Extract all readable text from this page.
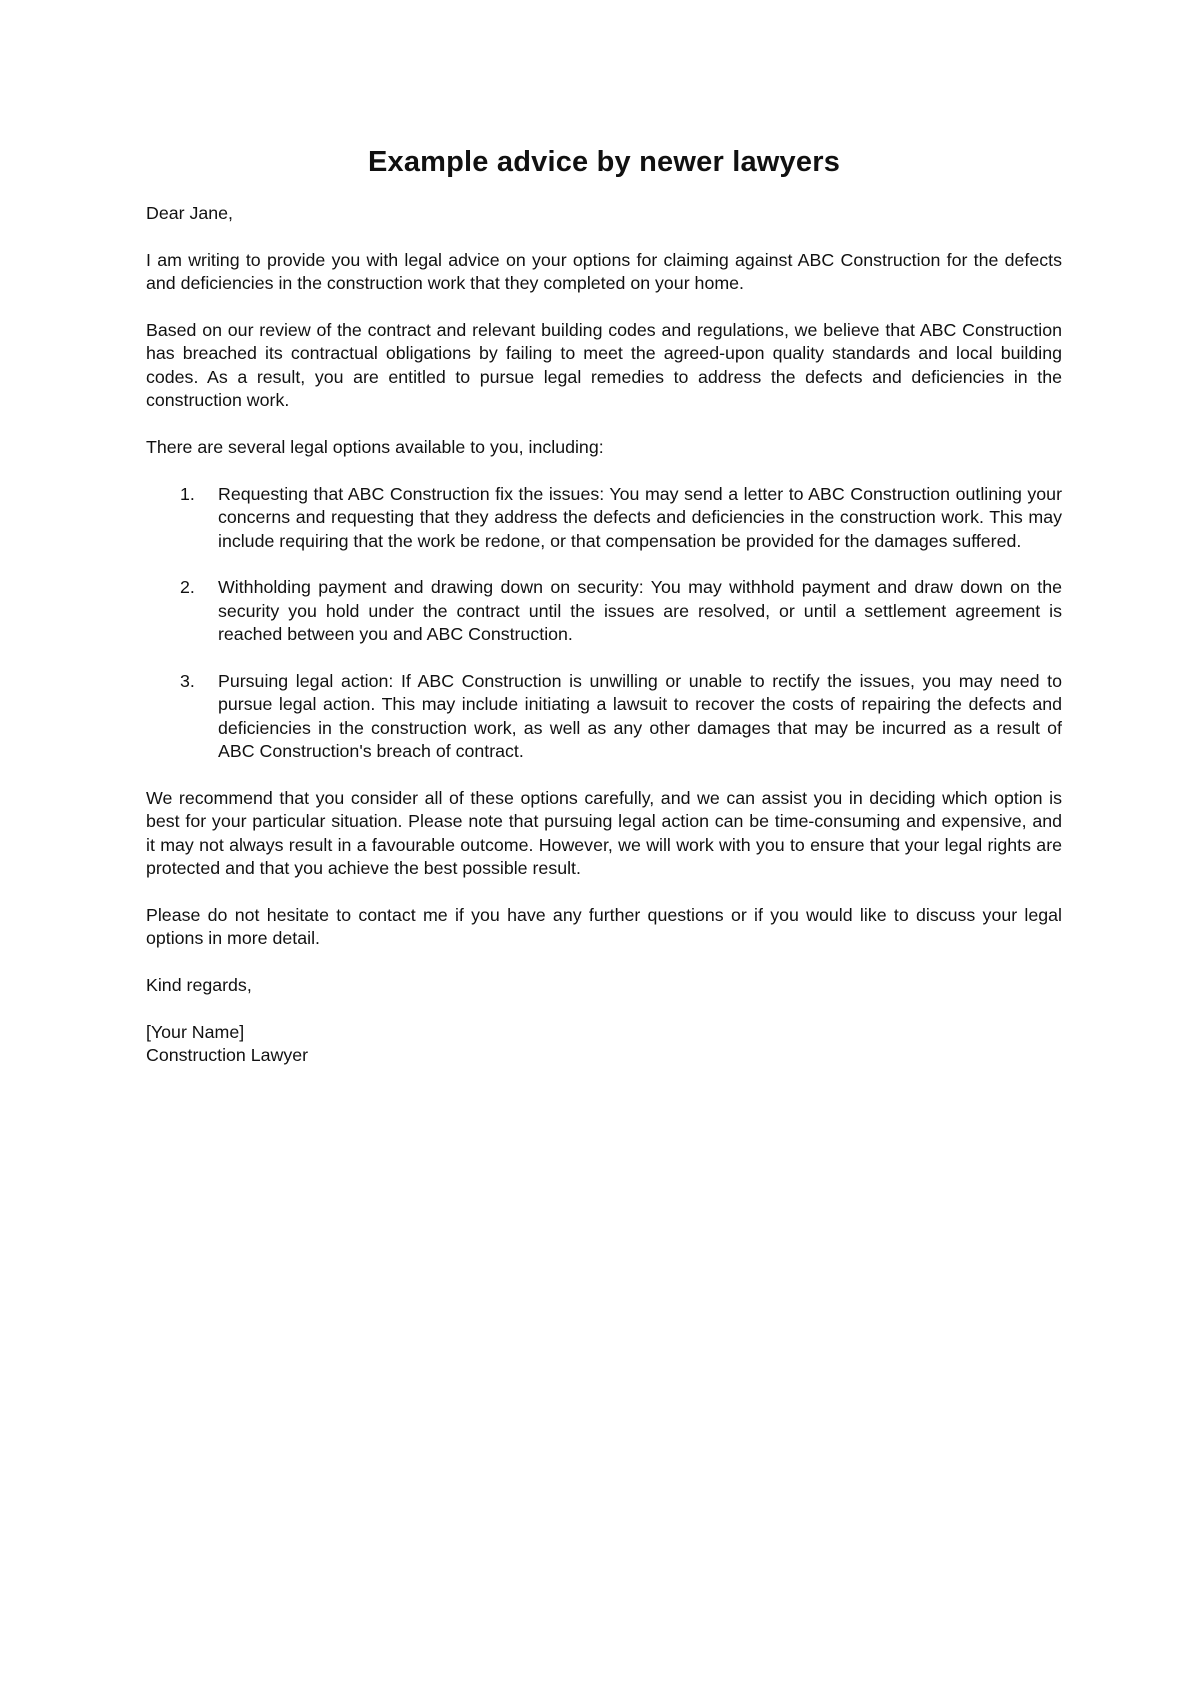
Example advice by newer lawyers

Dear Jane,

I am writing to provide you with legal advice on your options for claiming against ABC Construction for the defects and deficiencies in the construction work that they completed on your home.

Based on our review of the contract and relevant building codes and regulations, we believe that ABC Construction has breached its contractual obligations by failing to meet the agreed-upon quality standards and local building codes. As a result, you are entitled to pursue legal remedies to address the defects and deficiencies in the construction work.

There are several legal options available to you, including:

1.	Requesting that ABC Construction fix the issues: You may send a letter to ABC Construction outlining your concerns and requesting that they address the defects and deficiencies in the construction work. This may include requiring that the work be redone, or that compensation be provided for the damages suffered.
2.	Withholding payment and drawing down on security: You may withhold payment and draw down on the security you hold under the contract until the issues are resolved, or until a settlement agreement is reached between you and ABC Construction.
3.	Pursuing legal action: If ABC Construction is unwilling or unable to rectify the issues, you may need to pursue legal action. This may include initiating a lawsuit to recover the costs of repairing the defects and deficiencies in the construction work, as well as any other damages that may be incurred as a result of ABC Construction's breach of contract.

We recommend that you consider all of these options carefully, and we can assist you in deciding which option is best for your particular situation. Please note that pursuing legal action can be time-consuming and expensive, and it may not always result in a favourable outcome. However, we will work with you to ensure that your legal rights are protected and that you achieve the best possible result.

Please do not hesitate to contact me if you have any further questions or if you would like to discuss your legal options in more detail.

Kind regards,

[Your Name]
Construction Lawyer
